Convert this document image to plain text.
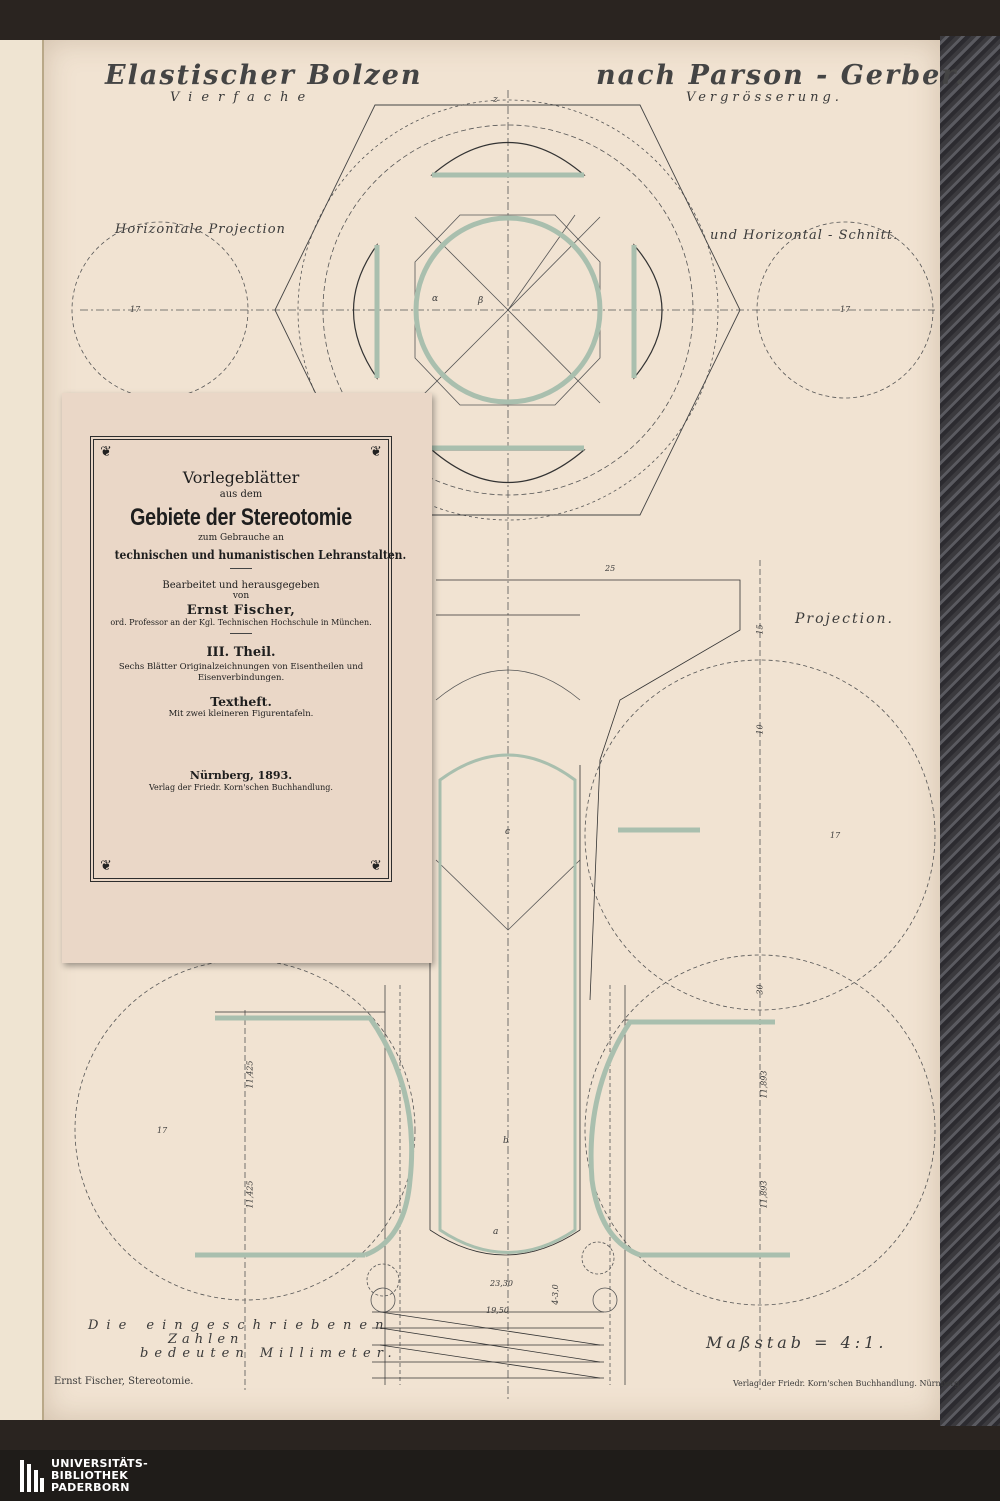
17	17
25
17
17
23,30
19,50
11,425
11,425
11,893
11,893
30
10
15
4-3,0
z
b
a
c
α	β
Elastischer Bolzen	nach Parson - Gerber.
Vierfache	Vergrösserung.
Horizontale Projection	und Horizontal - Schnitt.
Projection.
Die eingeschriebenen
Zahlen
bedeuten Millimeter.
Maßstab = 4:1.
Ernst Fischer, Stereotomie.	Verlag der Friedr. Korn'schen Buchhandlung. Nürnberg
❦	❦
❦	❦
Vorlegeblätter
aus dem
Gebiete der Stereotomie
zum Gebrauche an
technischen und humanistischen Lehranstalten.
Bearbeitet und herausgegeben
von
Ernst Fischer,
ord. Professor an der Kgl. Technischen Hochschule in München.
III. Theil.
Sechs Blätter Originalzeichnungen von Eisentheilen und Eisenverbindungen.
Textheft.
Mit zwei kleineren Figurentafeln.
Nürnberg, 1893.
Verlag der Friedr. Korn'schen Buchhandlung.
UNIVERSITÄTS-
BIBLIOTHEK
PADERBORN
